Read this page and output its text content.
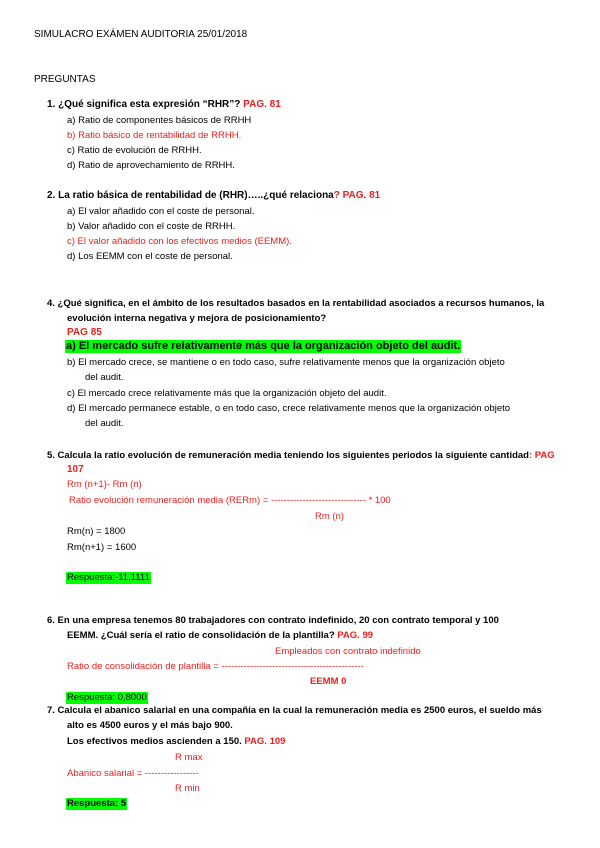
SIMULACRO EXÁMEN AUDITORIA 25/01/2018
PREGUNTAS
1. ¿Qué significa esta expresión “RHR”? PAG. 81
a) Ratio de componentes básicos de RRHH
b) Ratio básico de rentabilidad de RRHH.
c) Ratio de evolución de RRHH.
d) Ratio de aprovechamiento de RRHH.
2. La ratio básica de rentabilidad de (RHR)…..¿qué relaciona? PAG. 81
a) El valor añadido con el coste de personal.
b) Valor añadido con el coste de RRHH.
c) El valor añadido con los efectivos medios (EEMM).
d) Los EEMM con el coste de personal.
4. ¿Qué significa, en el ámbito de los resultados basados en la rentabilidad asociados a recursos humanos, la
evolución interna negativa y mejora de posicionamiento?
PAG 85
a) El mercado sufre relativamente más que la organización objeto del audit.
b) El mercado crece, se mantiene o en todo caso, sufre relativamente menos que la organización objeto
del audit.
c) El mercado crece relativamente más que la organización objeto del audit.
d) El mercado permanece estable, o en todo caso, crece relativamente menos que la organización objeto
del audit.
5. Calcula la ratio evolución de remuneración media teniendo los siguientes periodos la siguiente cantidad: PAG
107
Rm (n+1)- Rm (n)
Ratio evolución remuneración media (RERm) = ------------------------------ * 100
Rm (n)
Rm(n) = 1800
Rm(n+1) = 1600
Respuesta:-11,1111
6. En una empresa tenemos 80 trabajadores con contrato indefinido, 20 con contrato temporal y 100
EEMM. ¿Cuál sería el ratio de consolidación de la plantilla? PAG. 99
Empleados con contrato indefinido
Ratio de consolidación de plantilla = ---------------------------------------------
EEMM 0
Respuesta: 0,8000
7. Calcula el abanico salarial en una compañía en la cual la remuneración media es 2500 euros, el sueldo más
alto es 4500 euros y el más bajo 900.
Los efectivos medios ascienden a 150. PAG. 109
R max
Abanico salarial = -----------------
R min
Respuesta: 5
